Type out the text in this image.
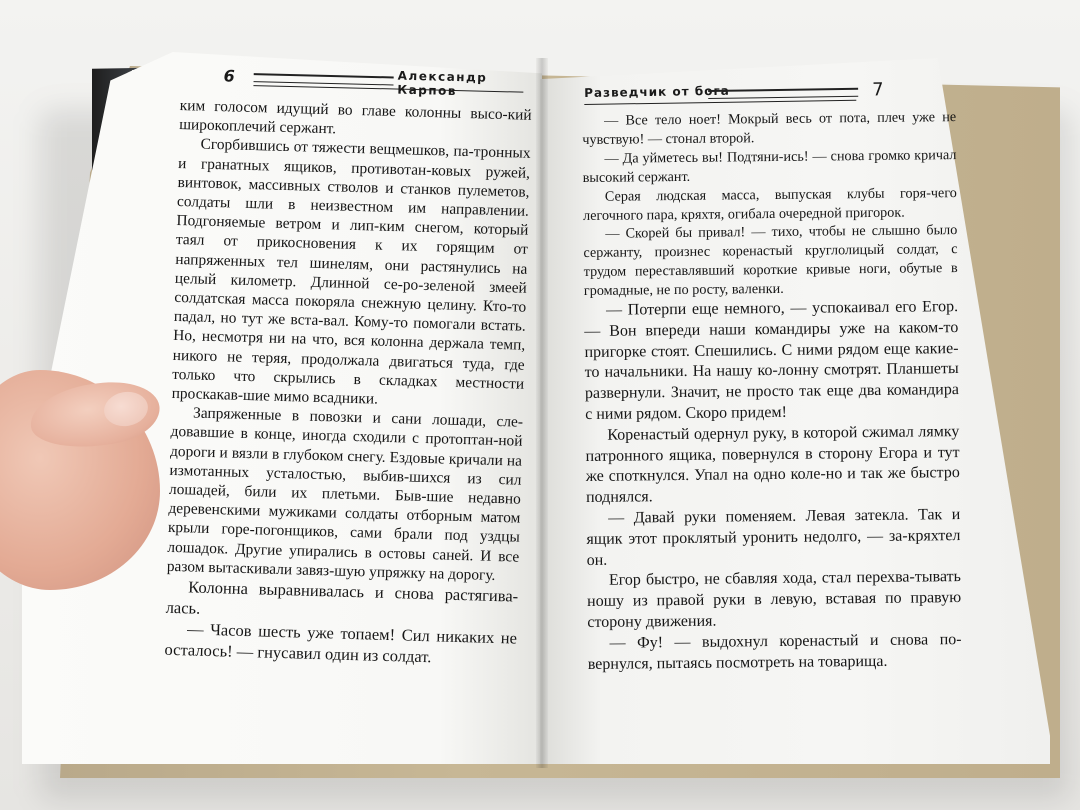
6	Александр Карпов	Разведчик от бога	7

ким голосом идущий во главе колонны высо-кий широкоплечий сержант.

Сгорбившись от тяжести вещмешков, па-тронных и гранатных ящиков, противотан-ковых ружей, винтовок, массивных стволов и станков пулеметов, солдаты шли в неизвестном им направлении. Подгоняемые ветром и лип-ким снегом, который таял от прикосновения к их горящим от напряженных тел шинелям, они растянулись на целый километр. Длинной се-ро-зеленой змеей солдатская масса покоряла снежную целину. Кто-то падал, но тут же вста-вал. Кому-то помогали встать. Но, несмотря ни на что, вся колонна держала темп, никого не теряя, продолжала двигаться туда, где только что скрылись в складках местности проскакав-шие мимо всадники.

Запряженные в повозки и сани лошади, сле-довавшие в конце, иногда сходили с протоптан-ной дороги и вязли в глубоком снегу. Ездовые кричали на измотанных усталостью, выбив-шихся из сил лошадей, били их плетьми. Быв-шие недавно деревенскими мужиками солдаты отборным матом крыли горе-погонщиков, сами брали под уздцы лошадок. Другие упирались в остовы саней. И все разом вытаскивали завяз-шую упряжку на дорогу.

Колонна выравнивалась и снова растягива-лась.

— Часов шесть уже топаем! Сил никаких не осталось! — гнусавил один из солдат.

— Все тело ноет! Мокрый весь от пота, плеч уже не чувствую! — стонал второй.

— Да уйметесь вы! Подтяни-ись! — снова громко кричал высокий сержант.

Серая людская масса, выпуская клубы горя-чего легочного пара, кряхтя, огибала очередной пригорок.

— Скорей бы привал! — тихо, чтобы не слышно было сержанту, произнес коренастый круглолицый солдат, с трудом переставлявший короткие кривые ноги, обутые в громадные, не по росту, валенки.

— Потерпи еще немного, — успокаивал его Егор. — Вон впереди наши командиры уже на каком-то пригорке стоят. Спешились. С ними рядом еще какие-то начальники. На нашу ко-лонну смотрят. Планшеты развернули. Значит, не просто так еще два командира с ними рядом. Скоро придем!

Коренастый одернул руку, в которой сжимал лямку патронного ящика, повернулся в сторону Егора и тут же споткнулся. Упал на одно коле-но и так же быстро поднялся.

— Давай руки поменяем. Левая затекла. Так и ящик этот проклятый уронить недолго, — за-кряхтел он.

Егор быстро, не сбавляя хода, стал перехва-тывать ношу из правой руки в левую, вставая по правую сторону движения.

— Фу! — выдохнул коренастый и снова по-вернулся, пытаясь посмотреть на товарища.
